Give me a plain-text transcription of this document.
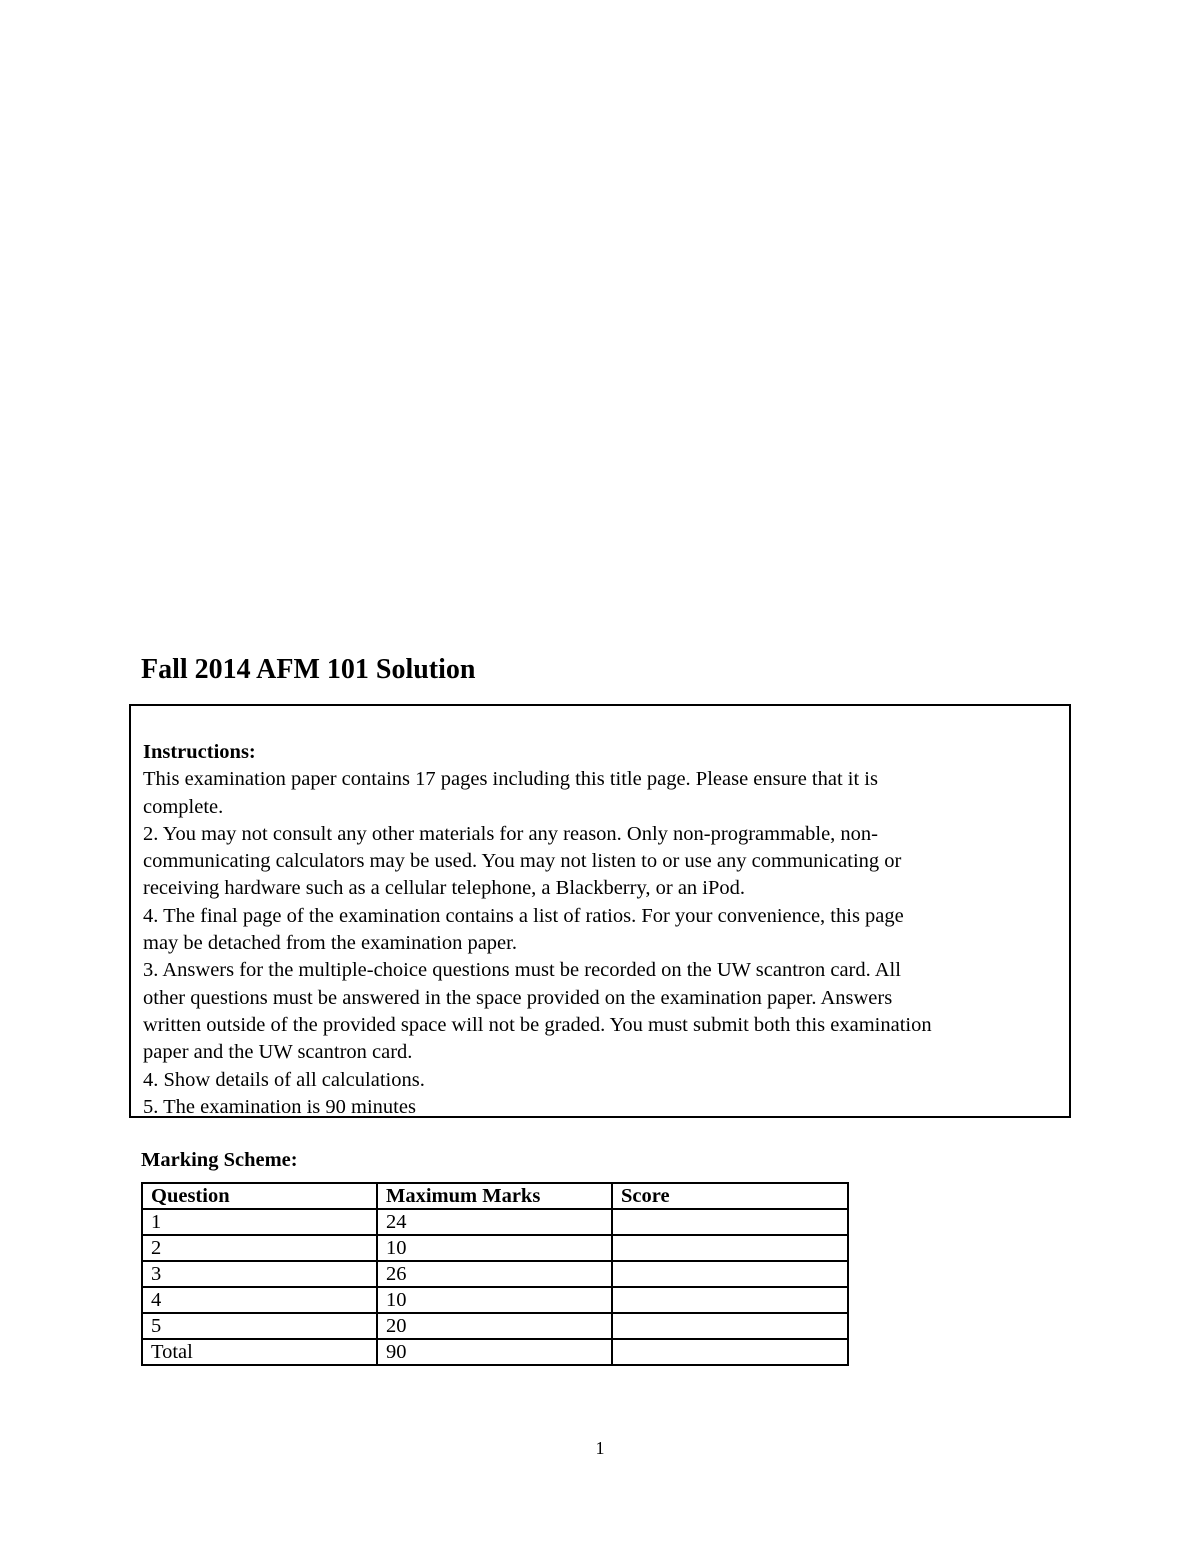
Fall 2014 AFM 101 Solution
Instructions:
This examination paper contains 17 pages including this title page. Please ensure that it is
complete.
2. You may not consult any other materials for any reason. Only non-programmable, non-
communicating calculators may be used. You may not listen to or use any communicating or
receiving hardware such as a cellular telephone, a Blackberry, or an iPod.
4. The final page of the examination contains a list of ratios. For your convenience, this page
may be detached from the examination paper.
3. Answers for the multiple-choice questions must be recorded on the UW scantron card. All
other questions must be answered in the space provided on the examination paper. Answers
written outside of the provided space will not be graded. You must submit both this examination
paper and the UW scantron card.
4. Show details of all calculations.
5. The examination is 90 minutes
Marking Scheme:
Question	Maximum Marks	Score
1	24	
2	10	
3	26	
4	10	
5	20	
Total	90	
1
